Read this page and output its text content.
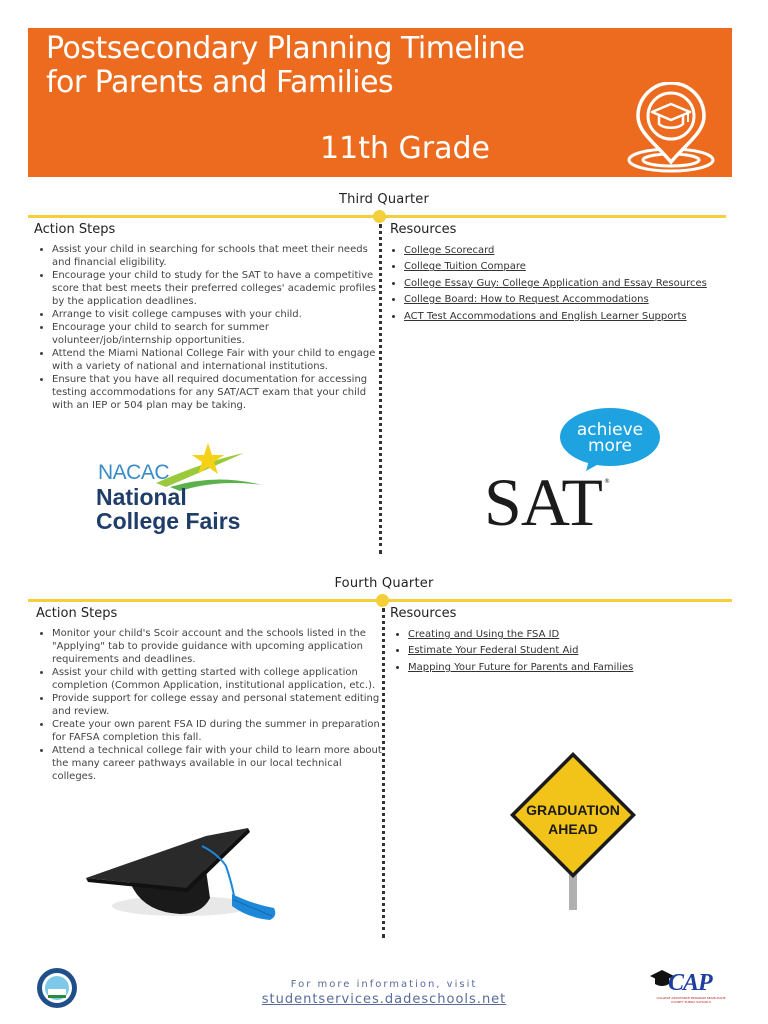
Postsecondary Planning Timeline
for Parents and Families
11th Grade
Third Quarter
Action Steps
• Assist your child in searching for schools that meet their needs and financial eligibility.
• Encourage your child to study for the SAT to have a competitive score that best meets their preferred colleges' academic profiles by the application deadlines.
• Arrange to visit college campuses with your child.
• Encourage your child to search for summer volunteer/job/internship opportunities.
• Attend the Miami National College Fair with your child to engage with a variety of national and international institutions.
• Ensure that you have all required documentation for accessing testing accommodations for any SAT/ACT exam that your child with an IEP or 504 plan may be taking.
Resources
• College Scorecard
• College Tuition Compare
• College Essay Guy: College Application and Essay Resources
• College Board: How to Request Accommodations
• ACT Test Accommodations and English Learner Supports
NACAC
National
College Fairs
achieve
more
SAT ®
Fourth Quarter
Action Steps
• Monitor your child's Scoir account and the schools listed in the "Applying" tab to provide guidance with upcoming application requirements and deadlines.
• Assist your child with getting started with college application completion (Common Application, institutional application, etc.).
• Provide support for college essay and personal statement editing and review.
• Create your own parent FSA ID during the summer in preparation for FAFSA completion this fall.
• Attend a technical college fair with your child to learn more about the many career pathways available in our local technical colleges.
Resources
• Creating and Using the FSA ID
• Estimate Your Federal Student Aid
• Mapping Your Future for Parents and Families
GRADUATION
AHEAD
For more information, visit
studentservices.dadeschools.net
CAP
COLLEGE ASSISTANCE PROGRAM MIAMI-DADE COUNTY PUBLIC SCHOOLS
